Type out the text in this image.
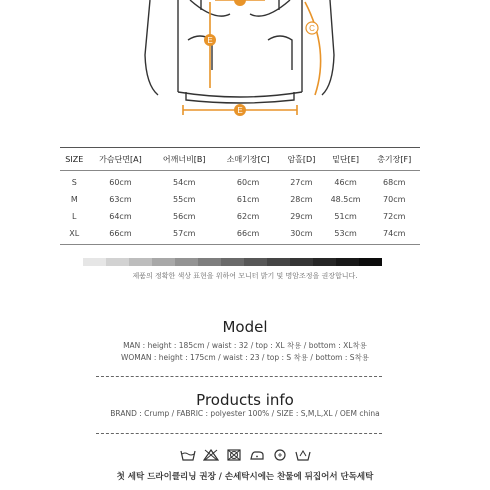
E
C
E
SIZE	가슴단면[A]	어깨너비[B]	소매기장[C]	암홀[D]	밑단[E]	총기장[F]
S	60cm	54cm	60cm	27cm	46cm	68cm
M	63cm	55cm	61cm	28cm	48.5cm	70cm
L	64cm	56cm	62cm	29cm	51cm	72cm
XL	66cm	57cm	66cm	30cm	53cm	74cm
제품의 정확한 색상 표현을 위하여 모니터 밝기 및 명암조정을 권장합니다.
Model
MAN : height : 185cm / waist : 32 / top : XL 착용 / bottom : XL착용
WOMAN : height : 175cm / waist : 23 / top : S 착용 / bottom : S착용
Products info
BRAND : Crump / FABRIC : polyester 100% / SIZE : S,M,L,XL / OEM china
첫 세탁 드라이클리닝 권장 / 손세탁시에는 찬물에 뒤집어서 단독세탁
